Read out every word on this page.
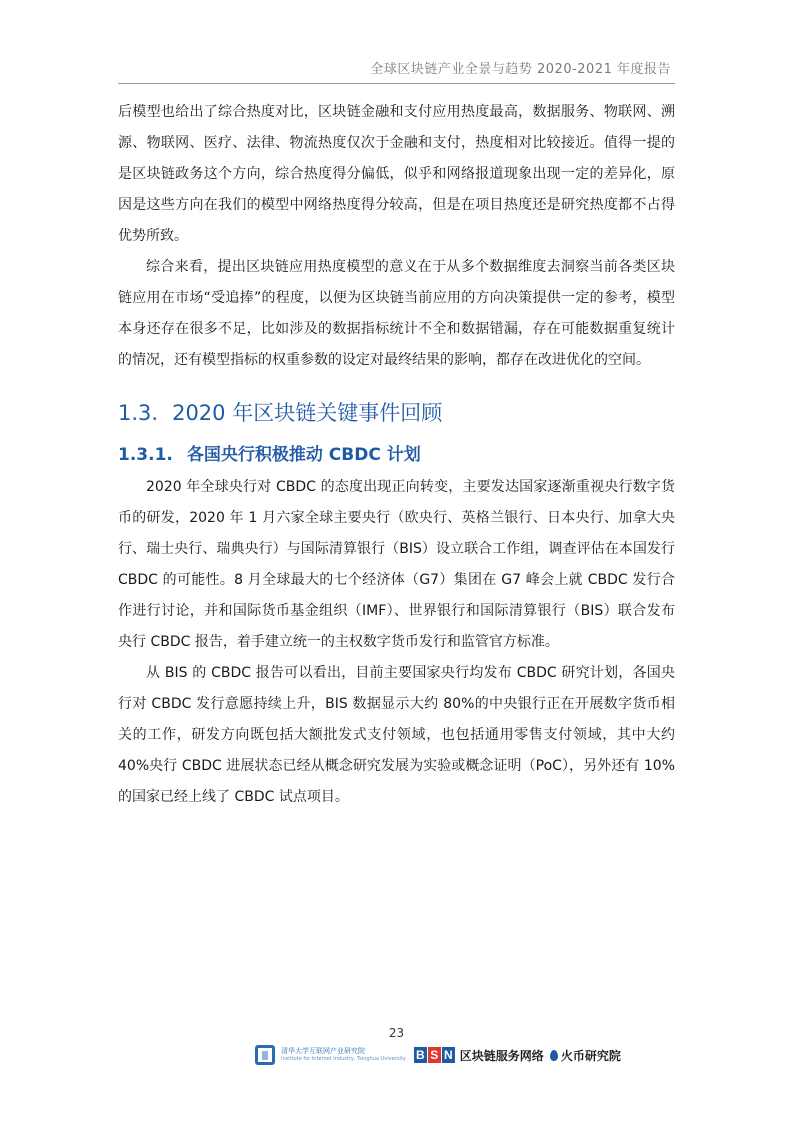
全球区块链产业全景与趋势 2020-2021 年度报告

后模型也给出了综合热度对比，区块链金融和支付应用热度最高，数据服务、物联网、溯源、物联网、医疗、法律、物流热度仅次于金融和支付，热度相对比较接近。值得一提的是区块链政务这个方向，综合热度得分偏低，似乎和网络报道现象出现一定的差异化，原因是这些方向在我们的模型中网络热度得分较高，但是在项目热度还是研究热度都不占得优势所致。

综合来看，提出区块链应用热度模型的意义在于从多个数据维度去洞察当前各类区块链应用在市场“受追捧”的程度，以便为区块链当前应用的方向决策提供一定的参考，模型本身还存在很多不足，比如涉及的数据指标统计不全和数据错漏，存在可能数据重复统计的情况，还有模型指标的权重参数的设定对最终结果的影响，都存在改进优化的空间。

1.3. 2020 年区块链关键事件回顾
1.3.1. 各国央行积极推动 CBDC 计划

2020 年全球央行对 CBDC 的态度出现正向转变，主要发达国家逐渐重视央行数字货币的研发，2020 年 1 月六家全球主要央行（欧央行、英格兰银行、日本央行、加拿大央行、瑞士央行、瑞典央行）与国际清算银行（BIS）设立联合工作组，调查评估在本国发行 CBDC 的可能性。8 月全球最大的七个经济体（G7）集团在 G7 峰会上就 CBDC 发行合作进行讨论，并和国际货币基金组织（IMF）、世界银行和国际清算银行（BIS）联合发布央行 CBDC 报告，着手建立统一的主权数字货币发行和监管官方标准。

从 BIS 的 CBDC 报告可以看出，目前主要国家央行均发布 CBDC 研究计划，各国央行对 CBDC 发行意愿持续上升，BIS 数据显示大约 80%的中央银行正在开展数字货币相关的工作，研发方向既包括大额批发式支付领域，也包括通用零售支付领域，其中大约 40%央行 CBDC 进展状态已经从概念研究发展为实验或概念证明（PoC），另外还有 10%的国家已经上线了 CBDC 试点项目。

23
清华大学互联网产业研究院
Institute for Internet Industry, Tsinghua University B S N 区块链服务网络 火币研究院
